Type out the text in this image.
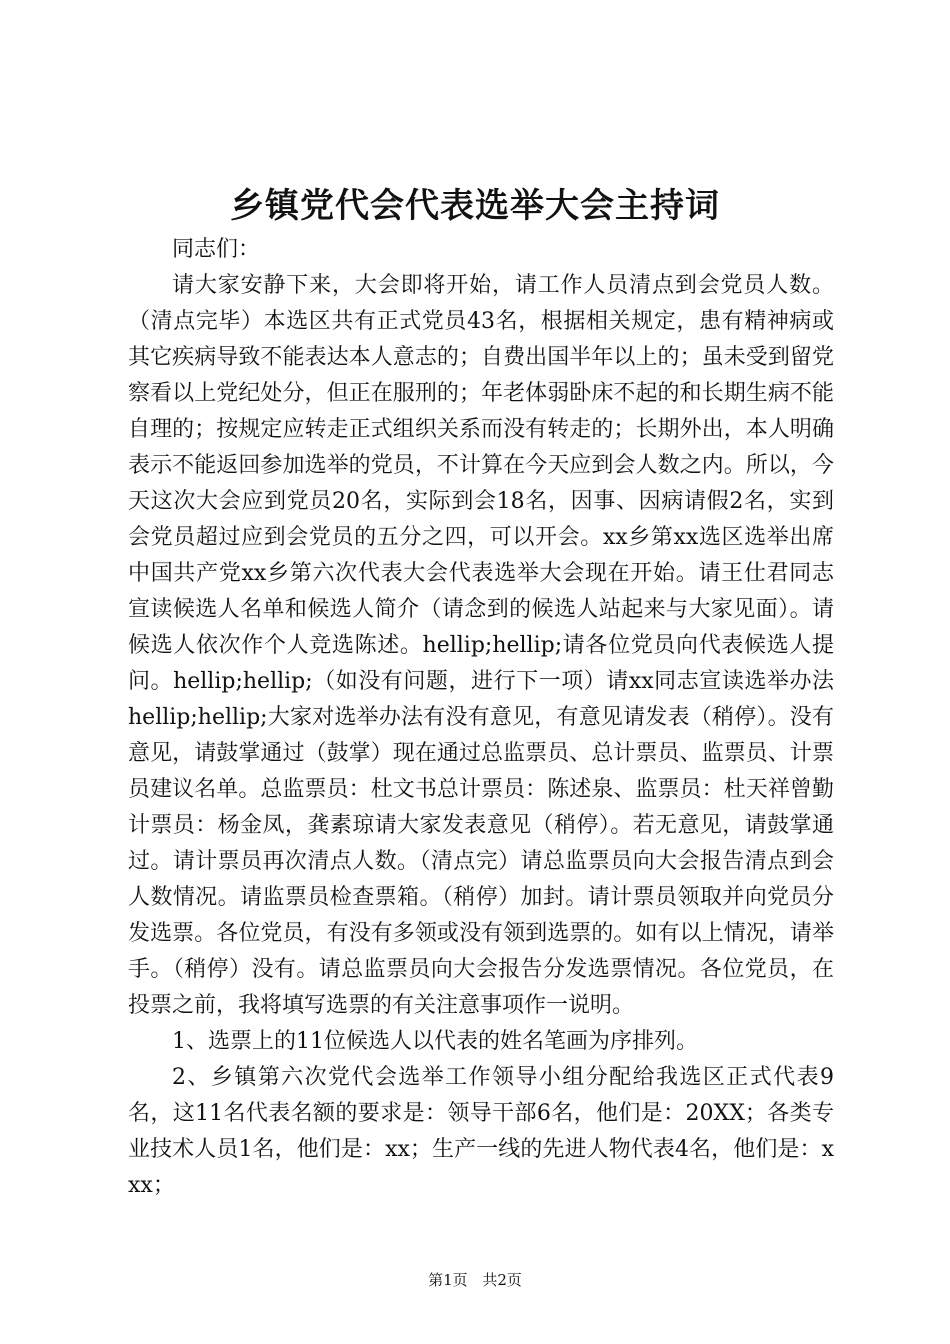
乡镇党代会代表选举大会主持词

同志们：

请大家安静下来，大会即将开始，请工作人员清点到会党员人数。（清点完毕）本选区共有正式党员43名，根据相关规定，患有精神病或其它疾病导致不能表达本人意志的；自费出国半年以上的；虽未受到留党察看以上党纪处分，但正在服刑的；年老体弱卧床不起的和长期生病不能自理的；按规定应转走正式组织关系而没有转走的；长期外出，本人明确表示不能返回参加选举的党员，不计算在今天应到会人数之内。所以，今天这次大会应到党员20名，实际到会18名，因事、因病请假2名，实到会党员超过应到会党员的五分之四，可以开会。xx乡第xx选区选举出席中国共产党xx乡第六次代表大会代表选举大会现在开始。请王仕君同志宣读候选人名单和候选人简介（请念到的候选人站起来与大家见面）。请候选人依次作个人竞选陈述。hellip;hellip;请各位党员向代表候选人提问。hellip;hellip;（如没有问题，进行下一项）请xx同志宣读选举办法hellip;hellip;大家对选举办法有没有意见，有意见请发表（稍停）。没有意见，请鼓掌通过（鼓掌）现在通过总监票员、总计票员、监票员、计票员建议名单。总监票员：杜文书总计票员：陈述泉、监票员：杜天祥曾勤计票员：杨金凤，龚素琼请大家发表意见（稍停）。若无意见，请鼓掌通过。请计票员再次清点人数。（清点完）请总监票员向大会报告清点到会人数情况。请监票员检查票箱。（稍停）加封。请计票员领取并向党员分发选票。各位党员，有没有多领或没有领到选票的。如有以上情况，请举手。（稍停）没有。请总监票员向大会报告分发选票情况。各位党员，在投票之前，我将填写选票的有关注意事项作一说明。

1、选票上的11位候选人以代表的姓名笔画为序排列。

2、乡镇第六次党代会选举工作领导小组分配给我选区正式代表9名，这11名代表名额的要求是：领导干部6名，他们是：20XX；各类专业技术人员1名，他们是：xx；生产一线的先进人物代表4名，他们是：xxx；

第1页 共2页
